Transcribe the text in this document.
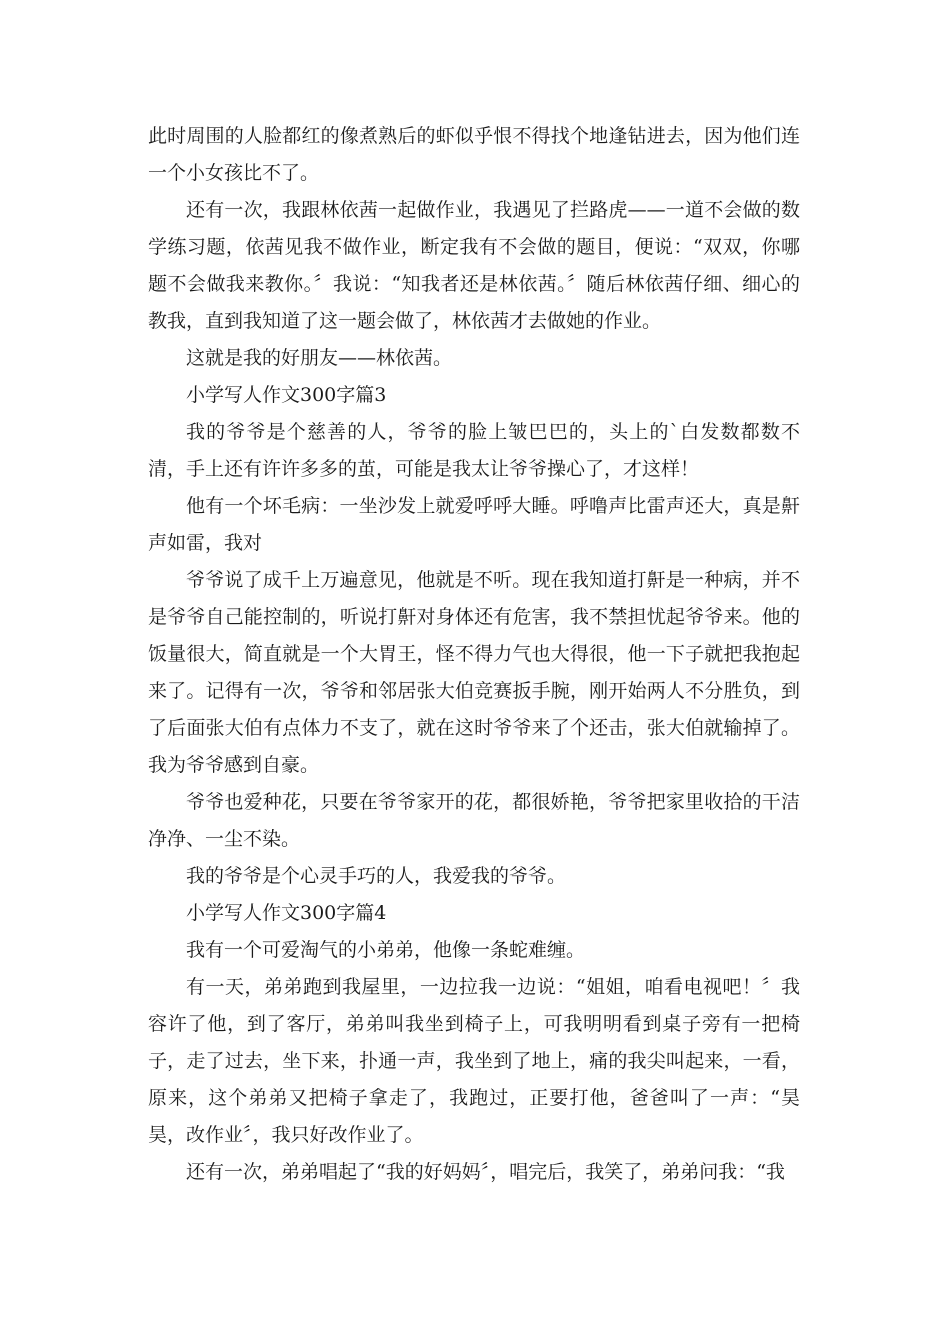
此时周围的人脸都红的像煮熟后的虾似乎恨不得找个地逢钻进去，因为他们连一个小女孩比不了。

还有一次，我跟林依茜一起做作业，我遇见了拦路虎——一道不会做的数学练习题，依茜见我不做作业，断定我有不会做的题目，便说：“双双，你哪题不会做我来教你。〞我说：“知我者还是林依茜。〞随后林依茜仔细、细心的教我，直到我知道了这一题会做了，林依茜才去做她的作业。

这就是我的好朋友——林依茜。

小学写人作文300字篇3

我的爷爷是个慈善的人，爷爷的脸上皱巴巴的，头上的`白发数都数不清，手上还有许许多多的茧，可能是我太让爷爷操心了，才这样！

他有一个坏毛病：一坐沙发上就爱呼呼大睡。呼噜声比雷声还大，真是鼾声如雷，我对

爷爷说了成千上万遍意见，他就是不听。现在我知道打鼾是一种病，并不是爷爷自己能控制的，听说打鼾对身体还有危害，我不禁担忧起爷爷来。他的饭量很大，简直就是一个大胃王，怪不得力气也大得很，他一下子就把我抱起来了。记得有一次，爷爷和邻居张大伯竞赛扳手腕，刚开始两人不分胜负，到了后面张大伯有点体力不支了，就在这时爷爷来了个还击，张大伯就输掉了。我为爷爷感到自豪。

爷爷也爱种花，只要在爷爷家开的花，都很娇艳，爷爷把家里收拾的干洁净净、一尘不染。

我的爷爷是个心灵手巧的人，我爱我的爷爷。

小学写人作文300字篇4

我有一个可爱淘气的小弟弟，他像一条蛇难缠。

有一天，弟弟跑到我屋里，一边拉我一边说：“姐姐，咱看电视吧！〞我容许了他，到了客厅，弟弟叫我坐到椅子上，可我明明看到桌子旁有一把椅子，走了过去，坐下来，扑通一声，我坐到了地上，痛的我尖叫起来，一看，原来，这个弟弟又把椅子拿走了，我跑过，正要打他，爸爸叫了一声：“昊昊，改作业〞，我只好改作业了。

还有一次，弟弟唱起了“我的好妈妈〞，唱完后，我笑了，弟弟问我：“我
